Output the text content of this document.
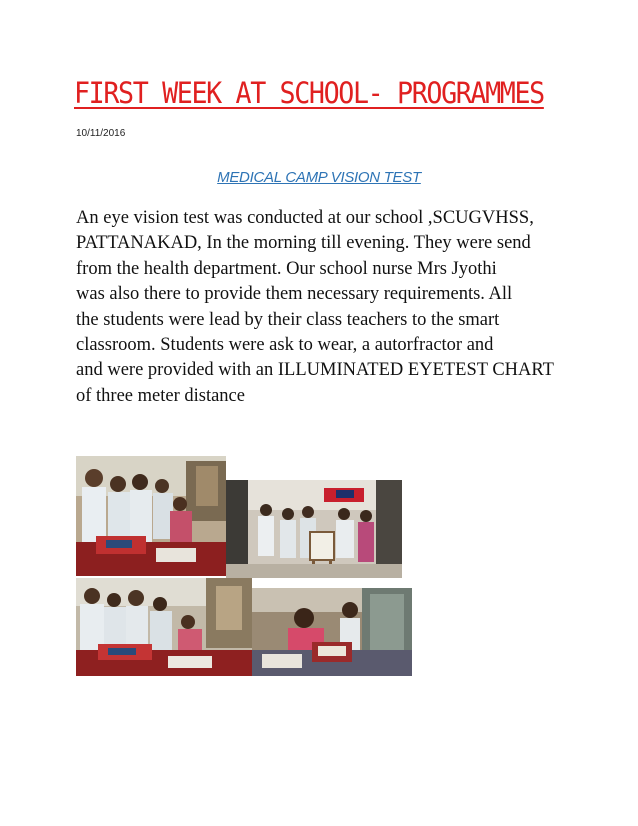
FIRST WEEK AT SCHOOL- PROGRAMMES
10/11/2016
MEDICAL CAMP VISION TEST

An eye vision test was conducted at our school ,SCUGVHSS,
PATTANAKAD, In the morning till evening. They were send
from the health department. Our school nurse Mrs Jyothi
was also there to provide them necessary requirements. All
the students were lead by their class teachers to the smart
classroom. Students were ask to wear, a autorfractor and
and were provided with an ILLUMINATED EYETEST CHART
of three meter distance
